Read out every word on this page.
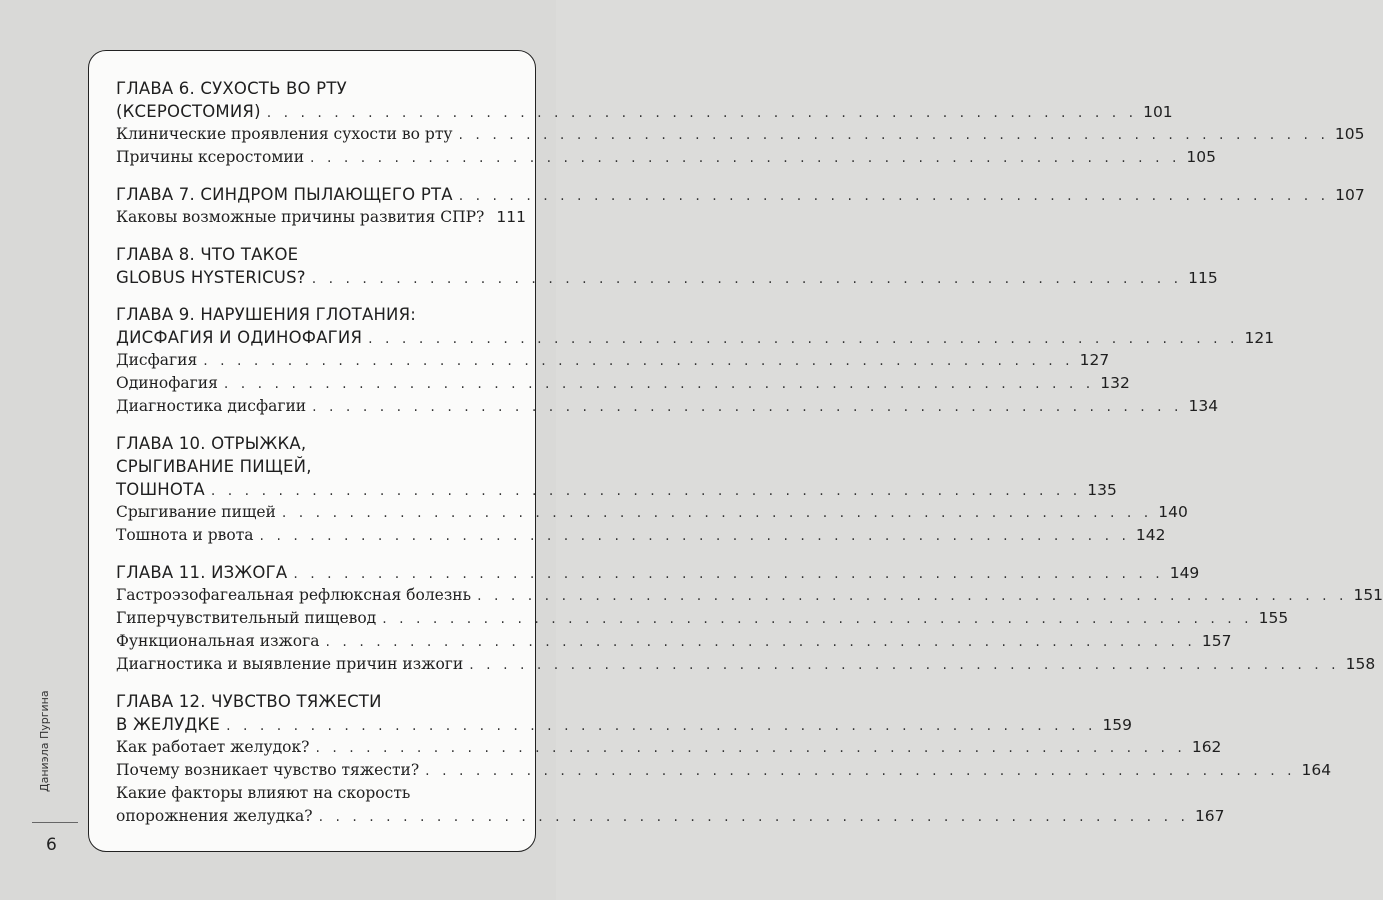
ГЛАВА 6. СУХОСТЬ ВО РТУ
(КСЕРОСТОМИЯ) . . .	101
Клинические проявления сухости во рту . . .	105
Причины ксеростомии . . .	105
ГЛАВА 7. СИНДРОМ ПЫЛАЮЩЕГО РТА . . .	107
Каковы возможные причины развития СПР? 111
ГЛАВА 8. ЧТО ТАКОЕ
GLOBUS HYSTERICUS? . . .	115
ГЛАВА 9. НАРУШЕНИЯ ГЛОТАНИЯ:
ДИСФАГИЯ И ОДИНОФАГИЯ . . .	121
Дисфагия . . .	127
Одинофагия . . .	132
Диагностика дисфагии . . .	134
ГЛАВА 10. ОТРЫЖКА,
СРЫГИВАНИЕ ПИЩЕЙ,
ТОШНОТА . . .	135
Срыгивание пищей . . .	140
Тошнота и рвота . . .	142
ГЛАВА 11. ИЗЖОГА . . .	149
Гастроэзофагеальная рефлюксная болезнь . . .	151
Гиперчувствительный пищевод . . .	155
Функциональная изжога . . .	157
Диагностика и выявление причин изжоги . . .	158
ГЛАВА 12. ЧУВСТВО ТЯЖЕСТИ
В ЖЕЛУДКЕ . . .	159
Как работает желудок? . . .	162
Почему возникает чувство тяжести? . . .	164
Какие факторы влияют на скорость
опорожнения желудка? . . .	167
Даниэла Пургина
6
